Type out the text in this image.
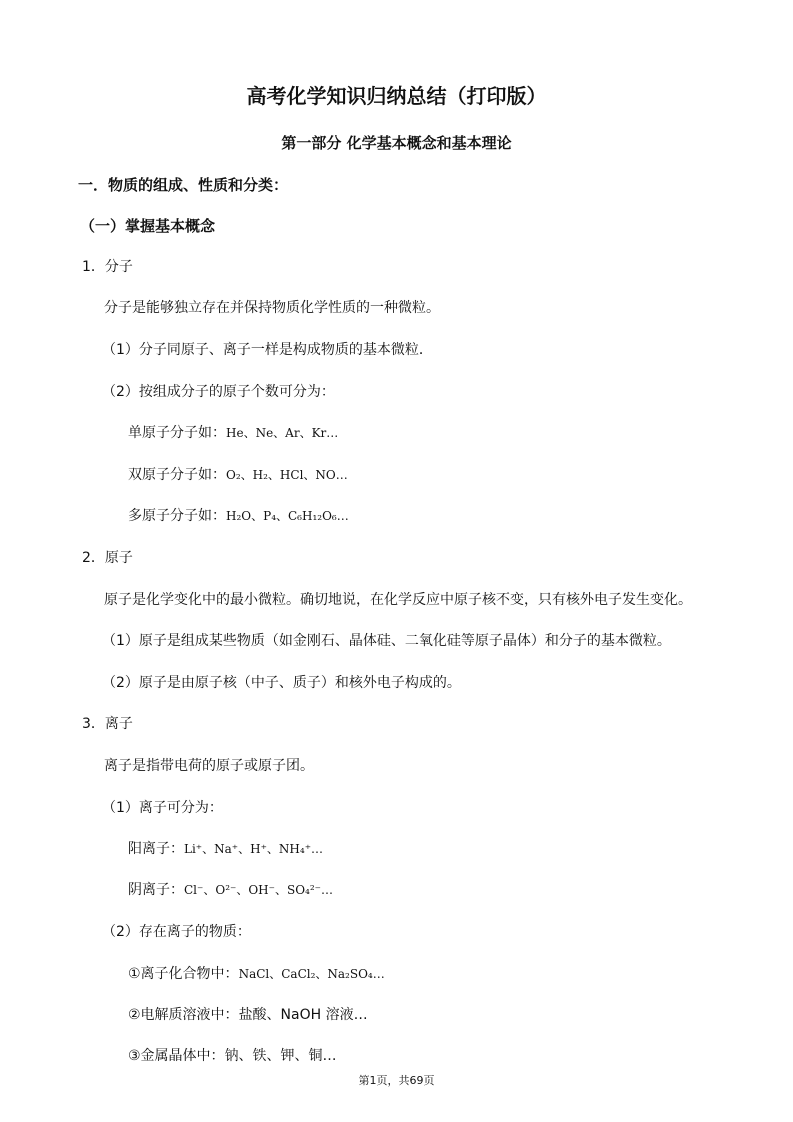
高考化学知识归纳总结（打印版）
第一部分 化学基本概念和基本理论
一．物质的组成、性质和分类：
（一）掌握基本概念
1．分子
分子是能够独立存在并保持物质化学性质的一种微粒。
（1）分子同原子、离子一样是构成物质的基本微粒．
（2）按组成分子的原子个数可分为：
单原子分子如：He、Ne、Ar、Kr…
双原子分子如：O₂、H₂、HCl、NO…
多原子分子如：H₂O、P₄、C₆H₁₂O₆…
2．原子
原子是化学变化中的最小微粒。确切地说，在化学反应中原子核不变，只有核外电子发生变化。
（1）原子是组成某些物质（如金刚石、晶体硅、二氧化硅等原子晶体）和分子的基本微粒。
（2）原子是由原子核（中子、质子）和核外电子构成的。
3．离子
离子是指带电荷的原子或原子团。
（1）离子可分为：
阳离子：Li⁺、Na⁺、H⁺、NH₄⁺…
阴离子：Cl⁻、O²⁻、OH⁻、SO₄²⁻…
（2）存在离子的物质：
①离子化合物中：NaCl、CaCl₂、Na₂SO₄…
②电解质溶液中：盐酸、NaOH 溶液…
③金属晶体中：钠、铁、钾、铜…
第1页，共69页
